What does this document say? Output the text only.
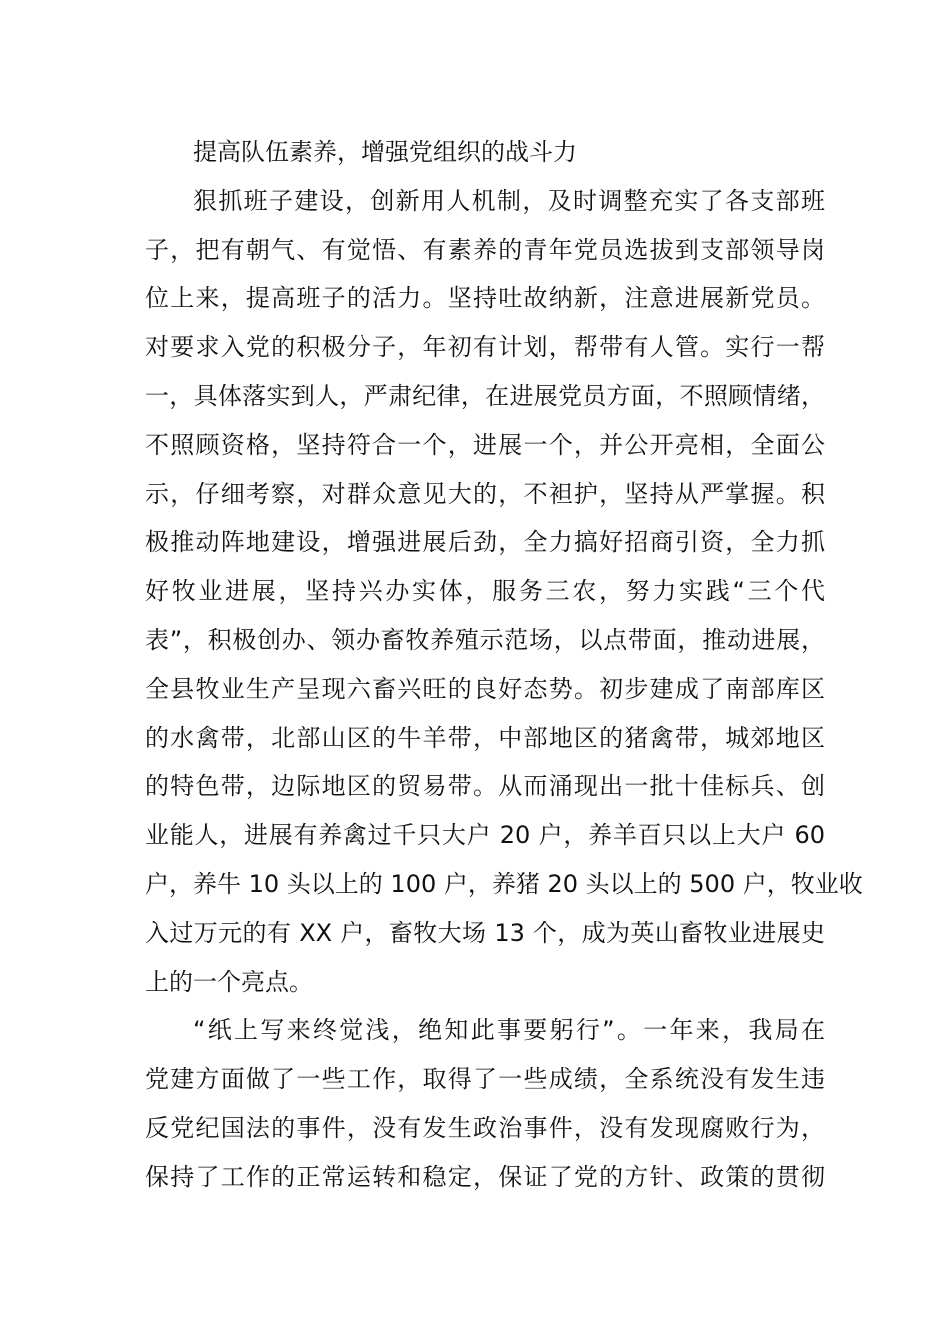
提高队伍素养，增强党组织的战斗力
狠抓班子建设，创新用人机制，及时调整充实了各支部班
子，把有朝气、有觉悟、有素养的青年党员选拔到支部领导岗
位上来，提高班子的活力。坚持吐故纳新，注意进展新党员。
对要求入党的积极分子，年初有计划，帮带有人管。实行一帮
一，具体落实到人，严肃纪律，在进展党员方面，不照顾情绪，
不照顾资格，坚持符合一个，进展一个，并公开亮相，全面公
示，仔细考察，对群众意见大的，不袒护，坚持从严掌握。积
极推动阵地建设，增强进展后劲，全力搞好招商引资，全力抓
好牧业进展，坚持兴办实体，服务三农，努力实践“三个代
表”，积极创办、领办畜牧养殖示范场，以点带面，推动进展，
全县牧业生产呈现六畜兴旺的良好态势。初步建成了南部库区
的水禽带，北部山区的牛羊带，中部地区的猪禽带，城郊地区
的特色带，边际地区的贸易带。从而涌现出一批十佳标兵、创
业能人，进展有养禽过千只大户 20 户，养羊百只以上大户 60
户，养牛 10 头以上的 100 户，养猪 20 头以上的 500 户，牧业收
入过万元的有 XX 户，畜牧大场 13 个，成为英山畜牧业进展史
上的一个亮点。
“纸上写来终觉浅，绝知此事要躬行”。一年来，我局在
党建方面做了一些工作，取得了一些成绩，全系统没有发生违
反党纪国法的事件，没有发生政治事件，没有发现腐败行为，
保持了工作的正常运转和稳定，保证了党的方针、政策的贯彻
